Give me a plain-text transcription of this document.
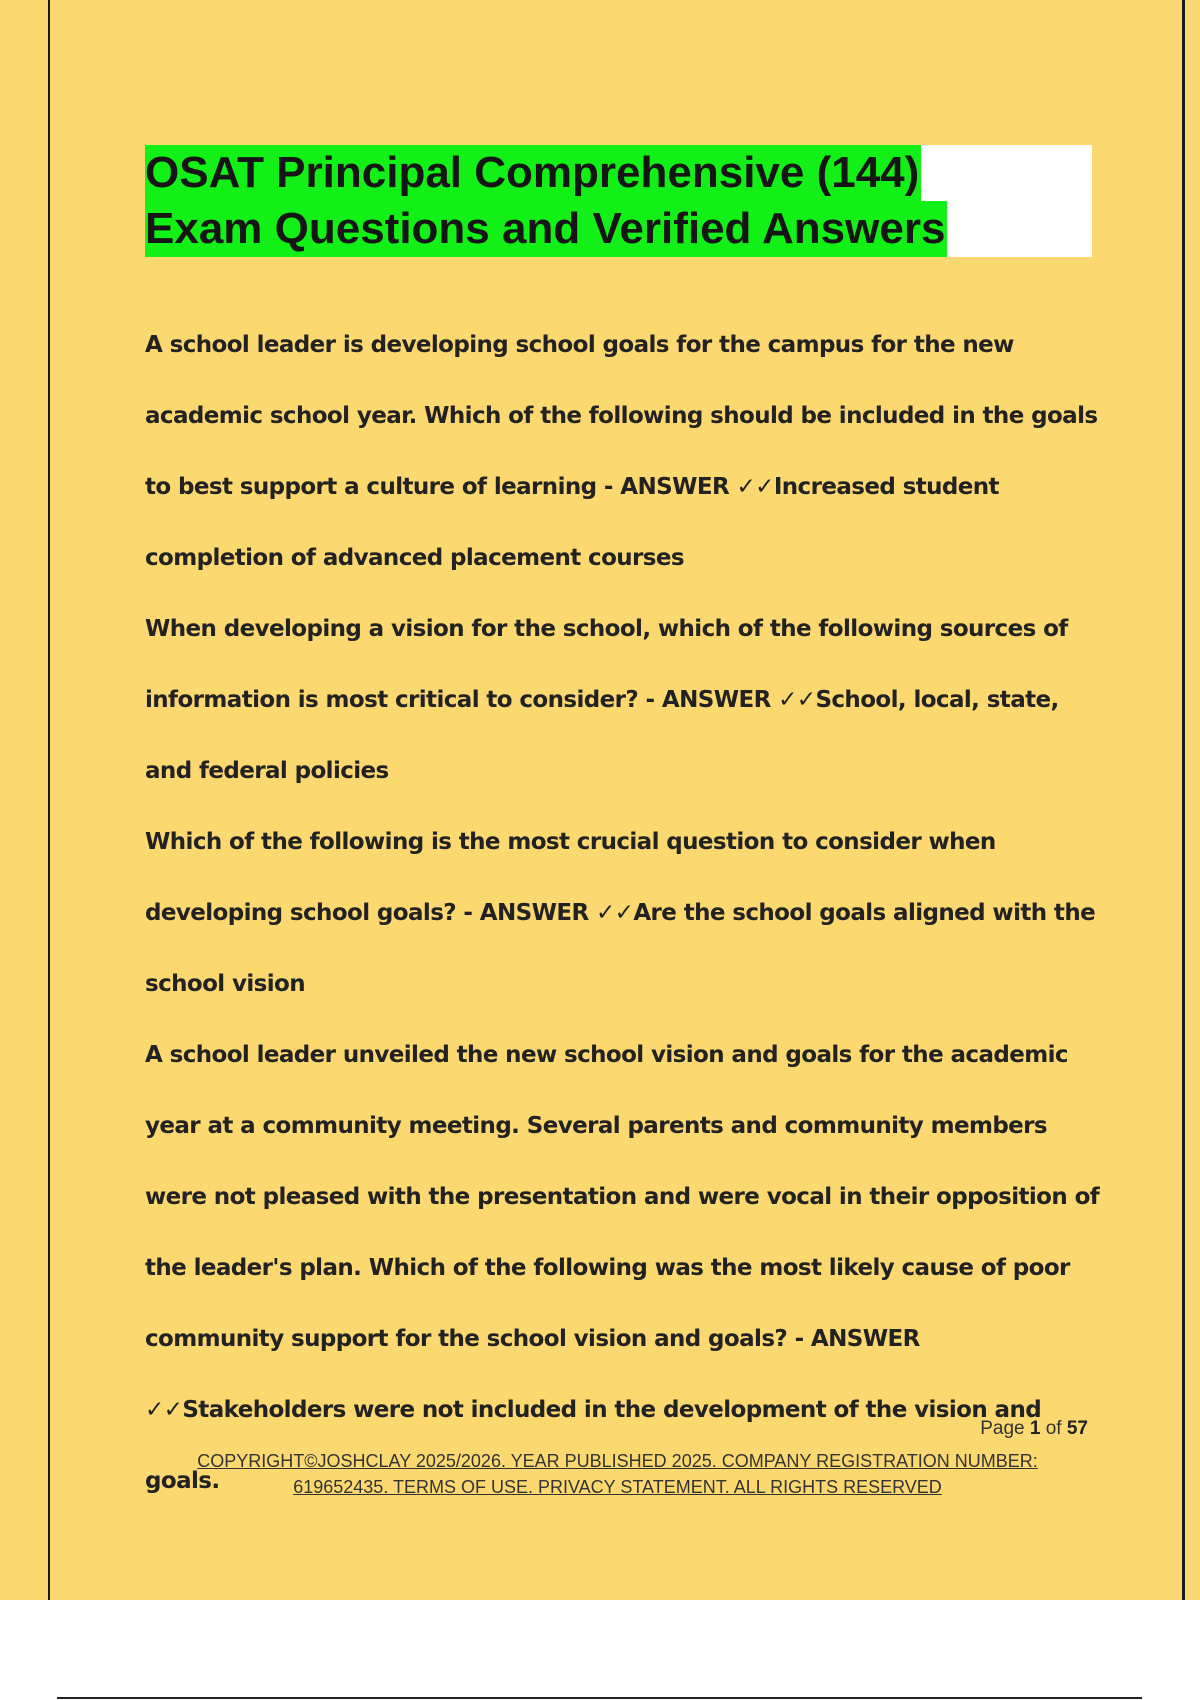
OSAT Principal Comprehensive (144)
Exam Questions and Verified Answers

A school leader is developing school goals for the campus for the new academic school year. Which of the following should be included in the goals to best support a culture of learning - ANSWER ✓✓Increased student completion of advanced placement courses

When developing a vision for the school, which of the following sources of information is most critical to consider? - ANSWER ✓✓School, local, state, and federal policies

Which of the following is the most crucial question to consider when developing school goals? - ANSWER ✓✓Are the school goals aligned with the school vision

A school leader unveiled the new school vision and goals for the academic year at a community meeting. Several parents and community members were not pleased with the presentation and were vocal in their opposition of the leader's plan. Which of the following was the most likely cause of poor community support for the school vision and goals? - ANSWER ✓✓Stakeholders were not included in the development of the vision and goals.

Page 1 of 57
COPYRIGHT©JOSHCLAY 2025/2026. YEAR PUBLISHED 2025. COMPANY REGISTRATION NUMBER:
619652435. TERMS OF USE. PRIVACY STATEMENT. ALL RIGHTS RESERVED
